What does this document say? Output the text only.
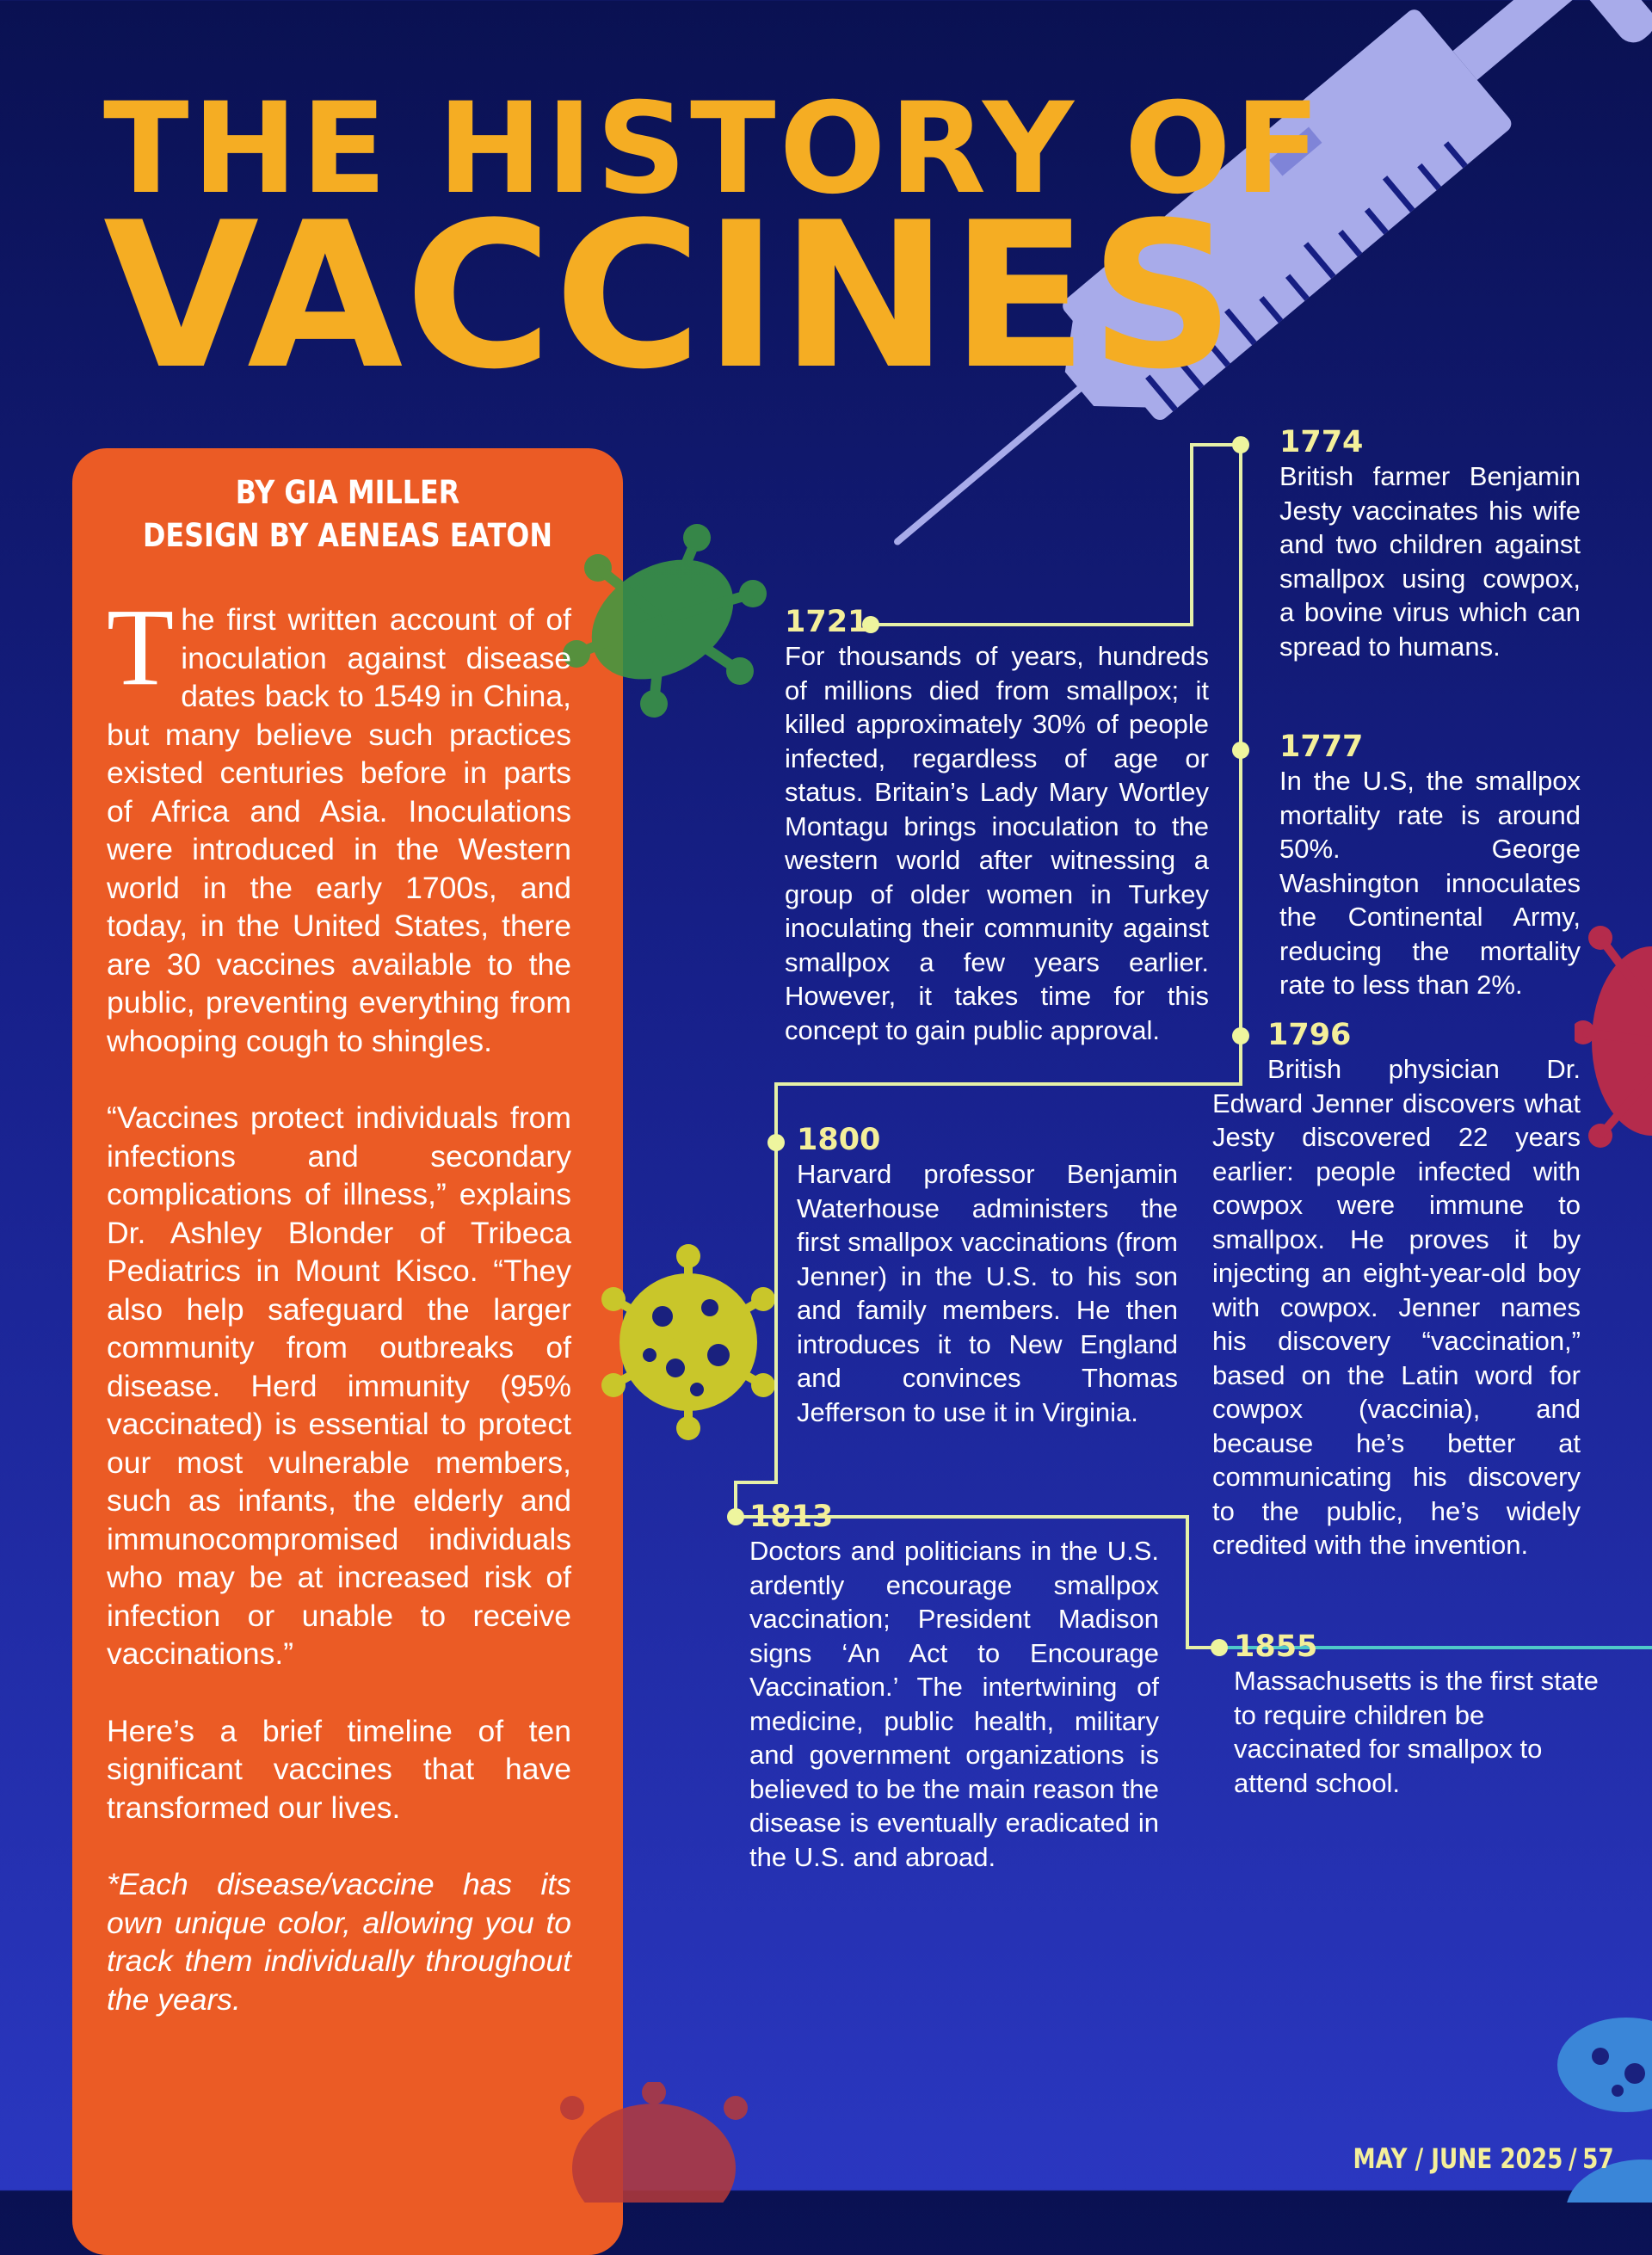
THE HISTORY OF
VACCINES
BY GIA MILLER
DESIGN BY AENEAS EATON

The first written account of of inoculation against disease dates back to 1549 in China, but many believe such practices existed centuries before in parts of Africa and Asia. Inoculations were introduced in the Western world in the early 1700s, and today, in the United States, there are 30 vaccines available to the public, preventing everything from whooping cough to shingles.

“Vaccines protect individuals from infections and secondary complications of illness,” explains Dr. Ashley Blonder of Tribeca Pediatrics in Mount Kisco. “They also help safeguard the larger community from outbreaks of disease. Herd immunity (95% vaccinated) is essential to protect our most vulnerable members, such as infants, the elderly and immunocompromised individuals who may be at increased risk of infection or unable to receive vaccinations.”

Here’s a brief timeline of ten significant vaccines that have transformed our lives.

*Each disease/vaccine has its own unique color, allowing you to track them individually throughout the years.

1721
For thousands of years, hundreds of millions died from smallpox; it killed approximately 30% of people infected, regardless of age or status. Britain’s Lady Mary Wortley Montagu brings inoculation to the western world after witnessing a group of older women in Turkey inoculating their community against smallpox a few years earlier. However, it takes time for this concept to gain public approval.
1774
British farmer Benjamin Jesty vaccinates his wife and two children against smallpox using cowpox, a bovine virus which can spread to humans.
1777
In the U.S, the smallpox mortality rate is around 50%. George Washington innoculates the Continental Army, reducing the mortality rate to less than 2%.
1796
British physician Dr. Edward Jenner discovers what Jesty discovered 22 years earlier: people infected with cowpox were immune to smallpox. He proves it by injecting an eight-year-old boy with cowpox. Jenner names his discovery “vaccination,” based on the Latin word for cowpox (vaccinia), and because he’s better at communicating his discovery to the public, he’s widely credited with the invention.
1800
Harvard professor Benjamin Waterhouse administers the first smallpox vaccinations (from Jenner) in the U.S. to his son and family members. He then introduces it to New England and convinces Thomas Jefferson to use it in Virginia.
1813
Doctors and politicians in the U.S. ardently encourage smallpox vaccination; President Madison signs ‘An Act to Encourage Vaccination.’ The intertwining of medicine, public health, military and government organizations is believed to be the main reason the disease is eventually eradicated in the U.S. and abroad.
1855
Massachusetts is the first state to require children be vaccinated for smallpox to attend school.
MAY / JUNE 2025 / 57
